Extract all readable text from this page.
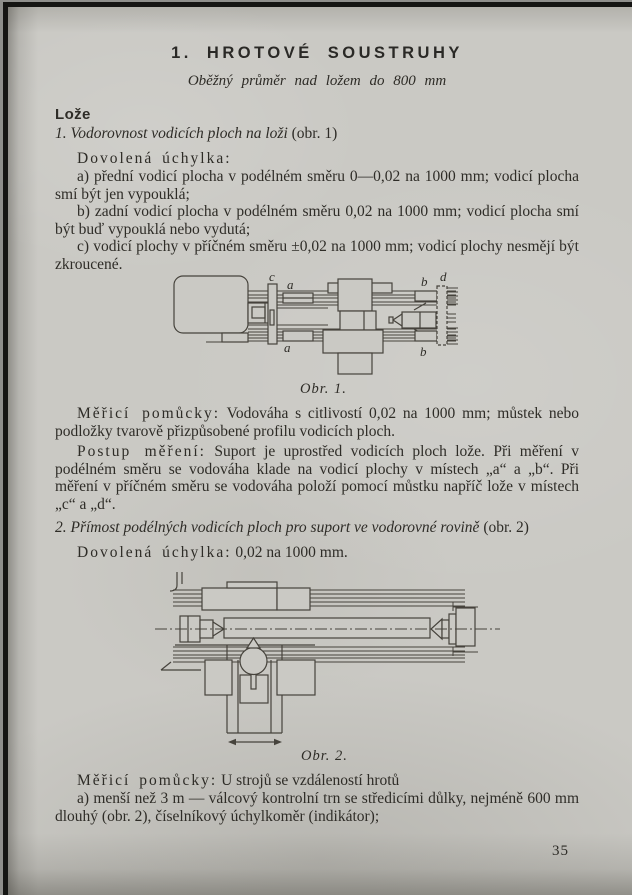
1. HROTOVÉ SOUSTRUHY
Oběžný průměr nad ložem do 800 mm
Lože
1. Vodorovnost vodicích ploch na loži (obr. 1)
Dovolená úchylka:
a) přední vodicí plocha v podélném směru 0—0,02 na 1000 mm; vodicí plocha smí být jen vypouklá;
b) zadní vodicí plocha v podélném směru 0,02 na 1000 mm; vodicí plocha smí být buď vypouklá nebo vydutá;
c) vodicí plochy v příčném směru ±0,02 na 1000 mm; vodicí plochy nesmějí být zkroucené.
c
a	b d
a	b
Obr. 1.
Měřicí pomůcky: Vodováha s citlivostí 0,02 na 1000 mm; můstek nebo podložky tvarově přizpůsobené profilu vodicích ploch.
Postup měření: Suport je uprostřed vodicích ploch lože. Při měření v podélném směru se vodováha klade na vodicí plochy v místech „a“ a „b“. Při měření v příčném směru se vodováha položí pomocí můstku napříč lože v místech „c“ a „d“.
2. Přímost podélných vodicích ploch pro suport ve vodorovné rovině (obr. 2)
Dovolená úchylka: 0,02 na 1000 mm.
Obr. 2.
Měřicí pomůcky: U strojů se vzdáleností hrotů
a) menší než 3 m — válcový kontrolní trn se středicími důlky, nejméně 600 mm dlouhý (obr. 2), číselníkový úchylkoměr (indikátor);
35
